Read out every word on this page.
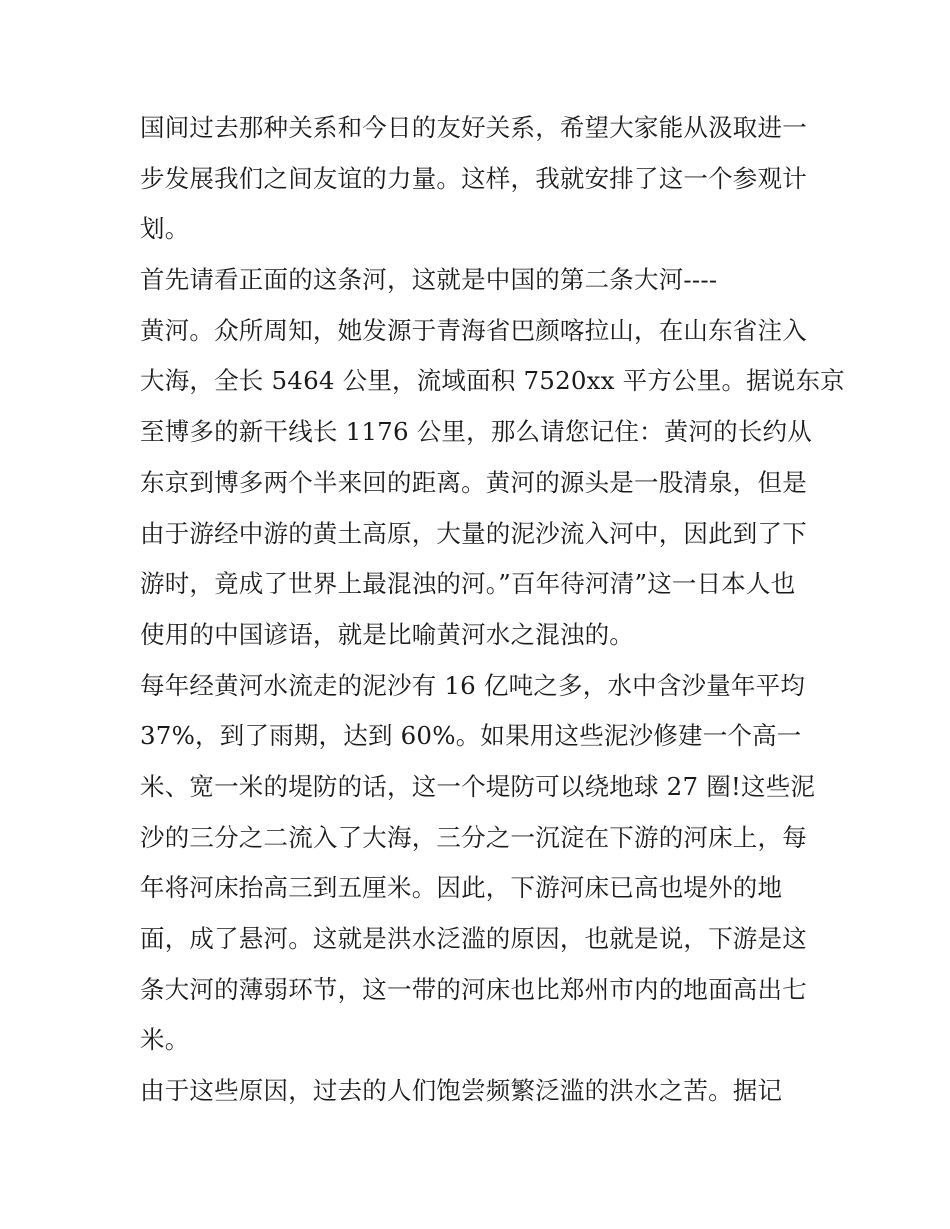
国间过去那种关系和今日的友好关系，希望大家能从汲取进一
步发展我们之间友谊的力量。这样，我就安排了这一个参观计
划。
首先请看正面的这条河，这就是中国的第二条大河----
黄河。众所周知，她发源于青海省巴颜喀拉山，在山东省注入
大海，全长 5464 公里，流域面积 7520xx 平方公里。据说东京
至博多的新干线长 1176 公里，那么请您记住：黄河的长约从
东京到博多两个半来回的距离。黄河的源头是一股清泉，但是
由于游经中游的黄土高原，大量的泥沙流入河中，因此到了下
游时，竟成了世界上最混浊的河。”百年待河清”这一日本人也
使用的中国谚语，就是比喻黄河水之混浊的。
每年经黄河水流走的泥沙有 16 亿吨之多，水中含沙量年平均
37%，到了雨期，达到 60%。如果用这些泥沙修建一个高一
米、宽一米的堤防的话，这一个堤防可以绕地球 27 圈!这些泥
沙的三分之二流入了大海，三分之一沉淀在下游的河床上，每
年将河床抬高三到五厘米。因此，下游河床已高也堤外的地
面，成了悬河。这就是洪水泛滥的原因，也就是说，下游是这
条大河的薄弱环节，这一带的河床也比郑州市内的地面高出七
米。
由于这些原因，过去的人们饱尝频繁泛滥的洪水之苦。据记
